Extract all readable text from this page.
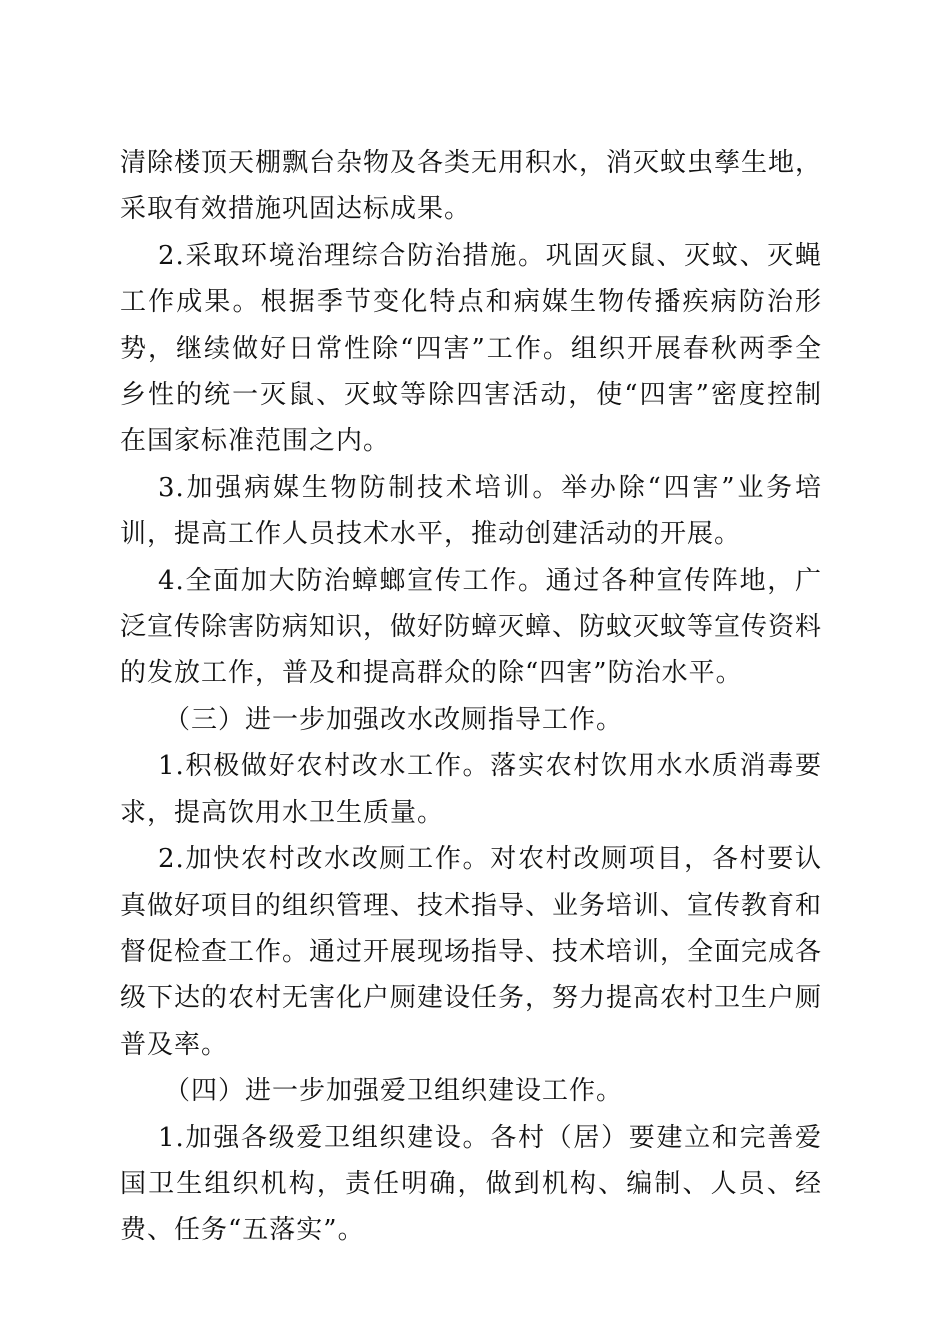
清除楼顶天棚飘台杂物及各类无用积水，消灭蚊虫孳生地，采取有效措施巩固达标成果。

2.采取环境治理综合防治措施。巩固灭鼠、灭蚊、灭蝇工作成果。根据季节变化特点和病媒生物传播疾病防治形势，继续做好日常性除“四害”工作。组织开展春秋两季全乡性的统一灭鼠、灭蚊等除四害活动，使“四害”密度控制在国家标准范围之内。

3.加强病媒生物防制技术培训。举办除“四害”业务培训，提高工作人员技术水平，推动创建活动的开展。

4.全面加大防治蟑螂宣传工作。通过各种宣传阵地，广泛宣传除害防病知识，做好防蟑灭蟑、防蚊灭蚊等宣传资料的发放工作，普及和提高群众的除“四害”防治水平。

（三）进一步加强改水改厕指导工作。

1.积极做好农村改水工作。落实农村饮用水水质消毒要求，提高饮用水卫生质量。

2.加快农村改水改厕工作。对农村改厕项目，各村要认真做好项目的组织管理、技术指导、业务培训、宣传教育和督促检查工作。通过开展现场指导、技术培训，全面完成各级下达的农村无害化户厕建设任务，努力提高农村卫生户厕普及率。

（四）进一步加强爱卫组织建设工作。

1.加强各级爱卫组织建设。各村（居）要建立和完善爱国卫生组织机构，责任明确，做到机构、编制、人员、经费、任务“五落实”。
